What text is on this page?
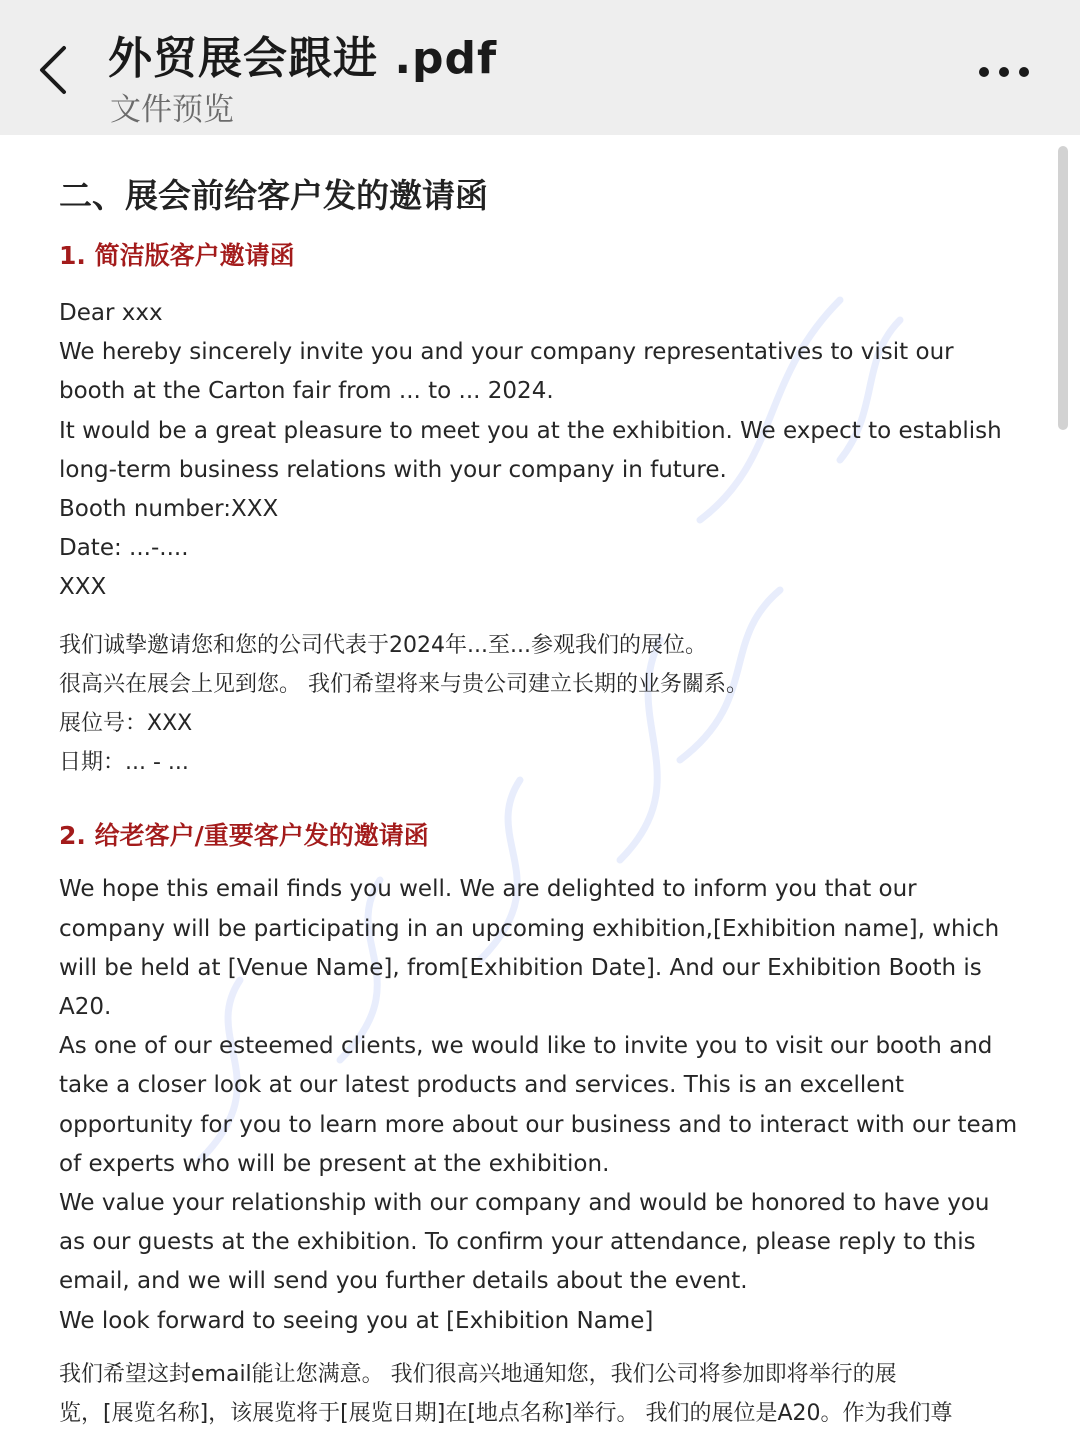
外贸展会跟进 .pdf
文件预览
二、展会前给客户发的邀请函
1. 简洁版客户邀请函
Dear xxx
We hereby sincerely invite you and your company representatives to visit our
booth at the Carton fair from ... to ... 2024.
It would be a great pleasure to meet you at the exhibition. We expect to establish
long-term business relations with your company in future.
Booth number:XXX
Date: ...-....
XXX
我们诚挚邀请您和您的公司代表于2024年...至...参观我们的展位。
很高兴在展会上见到您。 我们希望将来与贵公司建立长期的业务關系。
展位号：XXX
日期：... - ...
2. 给老客户/重要客户发的邀请函
We hope this email finds you well. We are delighted to inform you that our
company will be participating in an upcoming exhibition,[Exhibition name], which
will be held at [Venue Name], from[Exhibition Date]. And our Exhibition Booth is
A20.
As one of our esteemed clients, we would like to invite you to visit our booth and
take a closer look at our latest products and services. This is an excellent
opportunity for you to learn more about our business and to interact with our team
of experts who will be present at the exhibition.
We value your relationship with our company and would be honored to have you
as our guests at the exhibition. To confirm your attendance, please reply to this
email, and we will send you further details about the event.
We look forward to seeing you at [Exhibition Name]
我们希望这封email能让您满意。 我们很高兴地通知您，我们公司将参加即将举行的展
览，[展览名称]，该展览将于[展览日期]在[地点名称]举行。 我们的展位是A20。作为我们尊
